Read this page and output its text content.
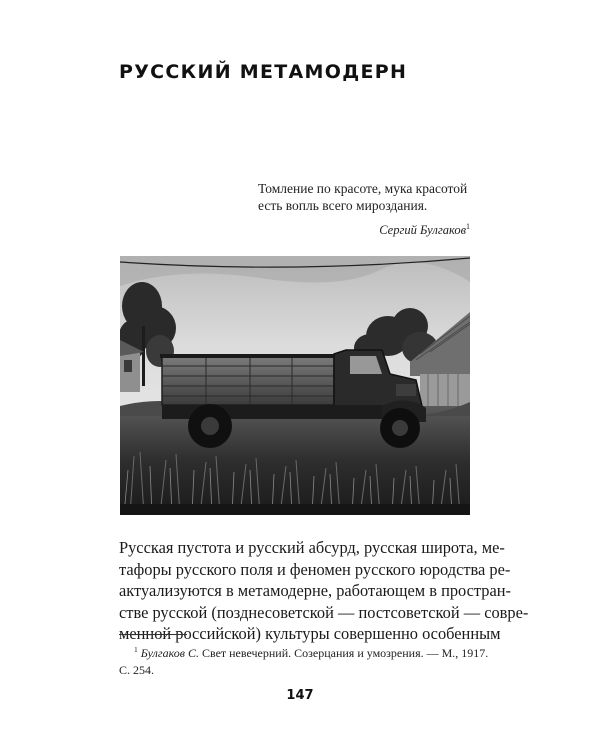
РУССКИЙ МЕТАМОДЕРН
Томление по красоте, мука красотой
есть вопль всего мироздания.
Сергий Булгаков$^1$
Русская пустота и русский абсурд, русская широта, ме-
тафоры русского поля и феномен русского юродства ре-
актуализуются в метамодерне, работающем в простран-
стве русской (позднесоветской — постсоветской — совре-
менной российской) культуры совершенно особенным
$^1$ Булгаков С. Свет невечерний. Созерцания и умозрения. — М., 1917.
С. 254.
147
